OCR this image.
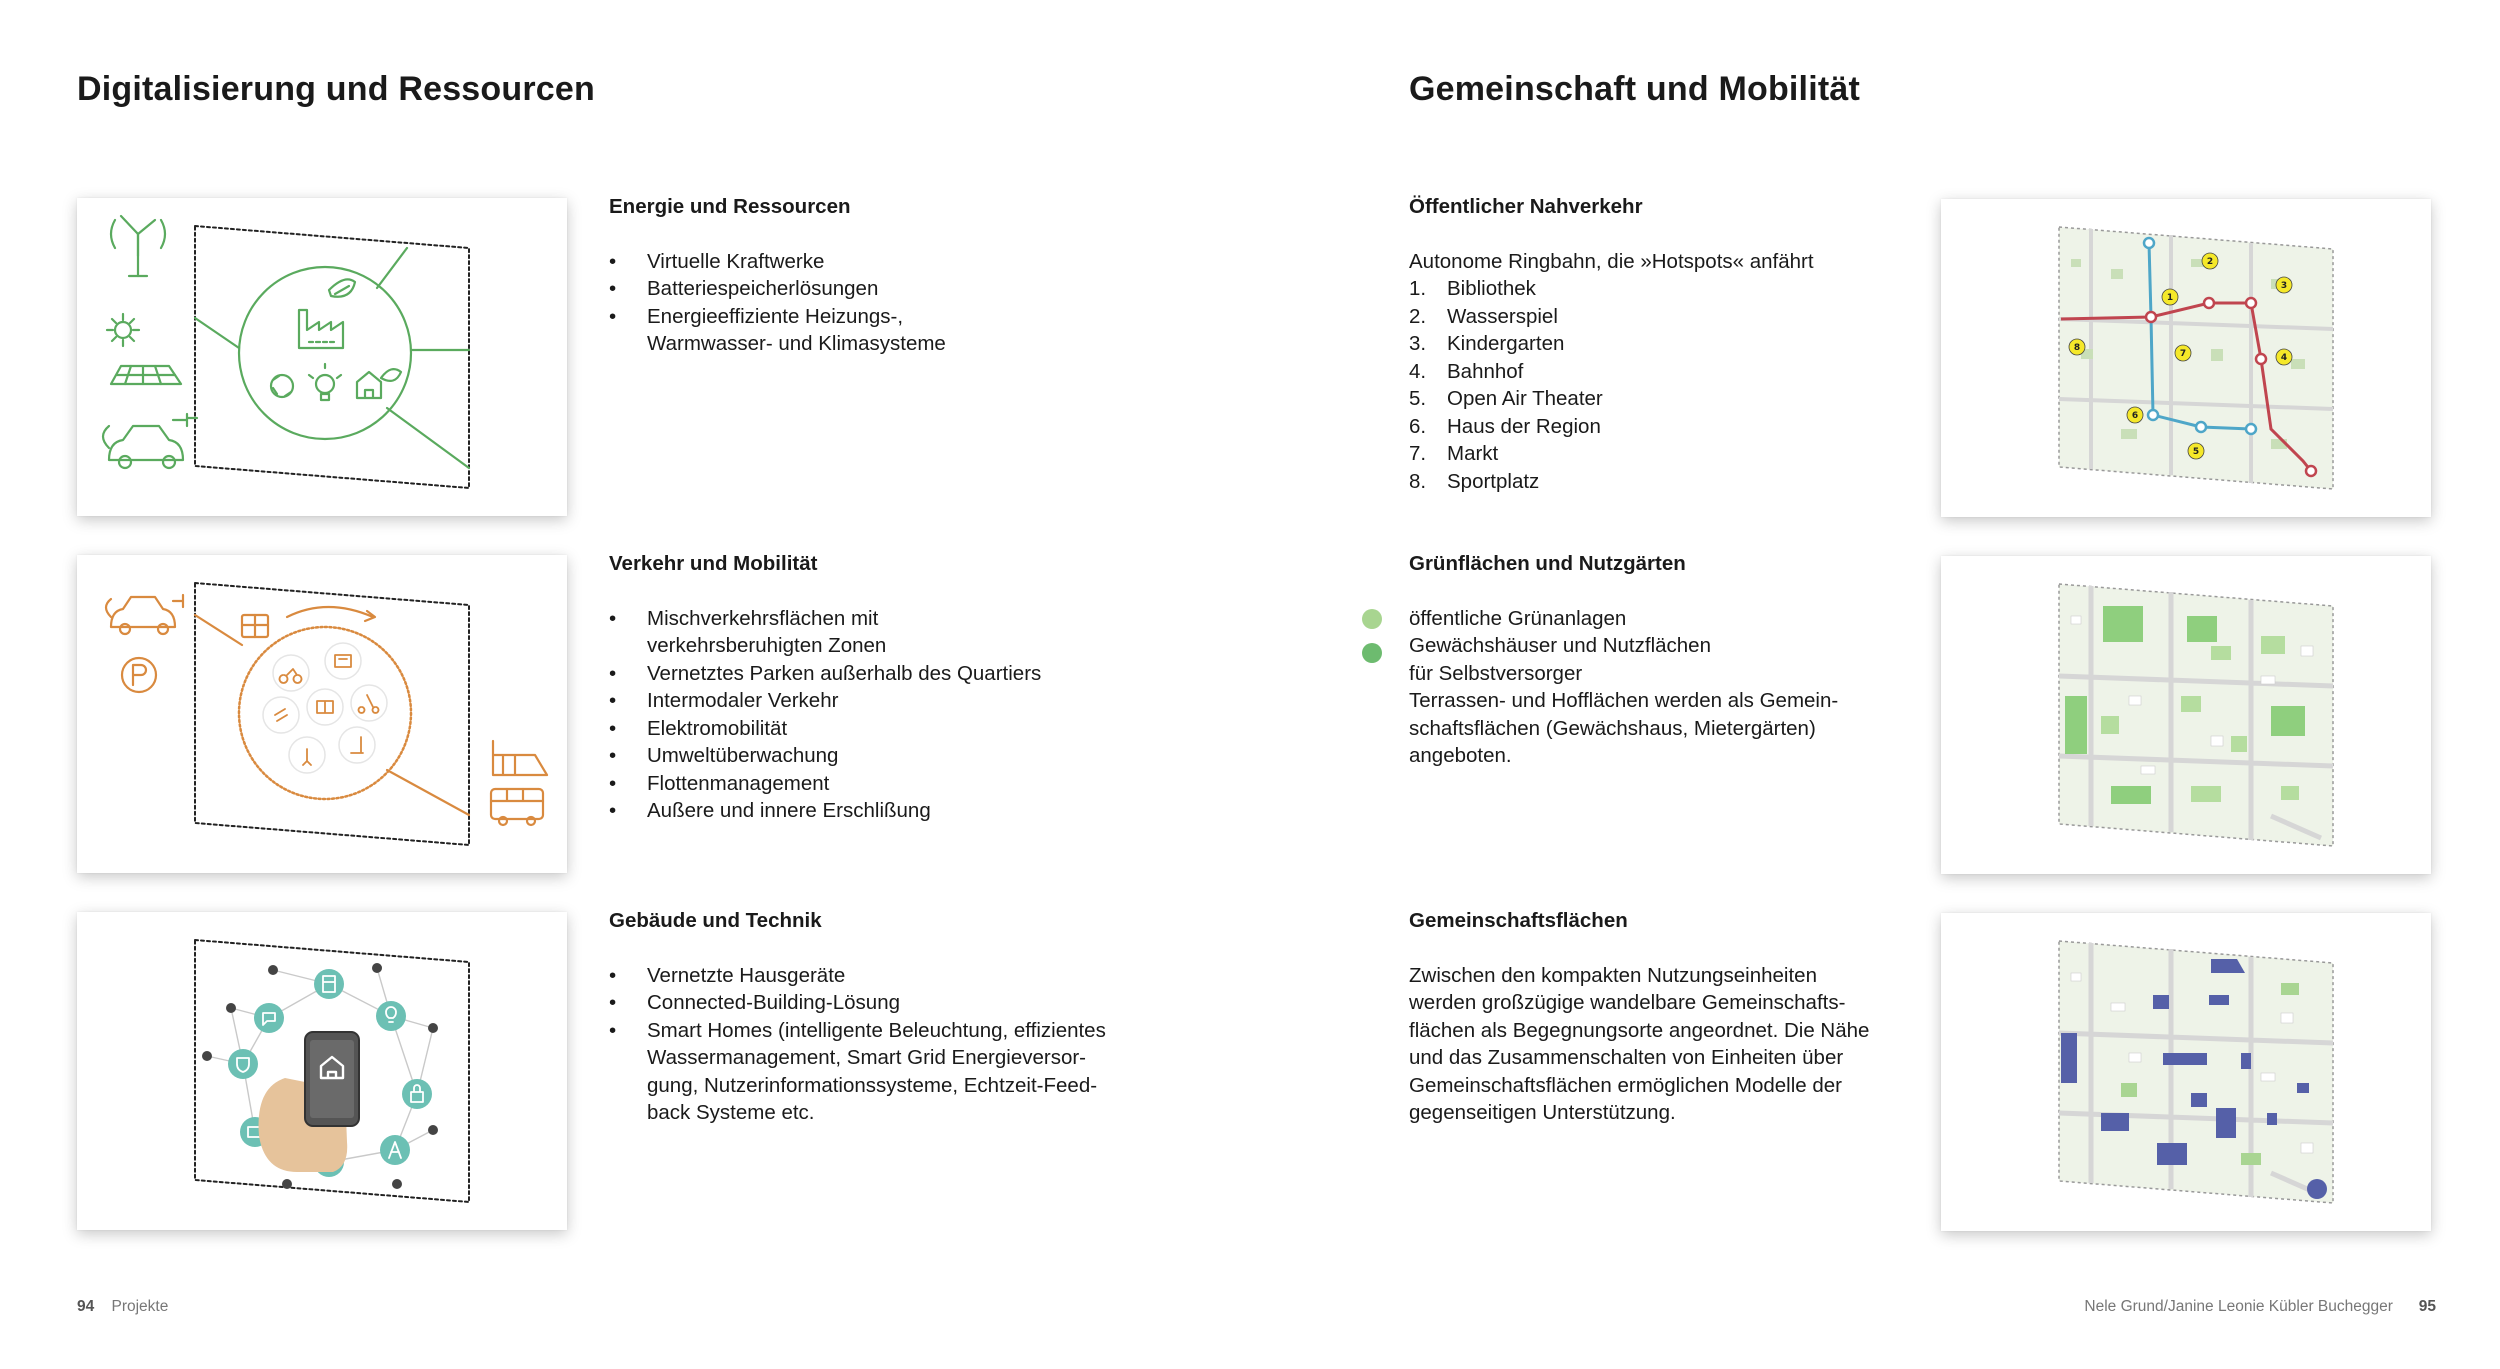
Digitalisierung und Ressourcen	Gemeinschaft und Mobilität
Energie und Ressourcen
• Virtuelle Kraftwerke
• Batteriespeicherlösungen
• Energieeffiziente Heizungs-,
Warmwasser- und Klimasysteme
Verkehr und Mobilität
• Mischverkehrsflächen mit
verkehrsberuhigten Zonen
• Vernetztes Parken außerhalb des Quartiers
• Intermodaler Verkehr
• Elektromobilität
• Umweltüberwachung
• Flottenmanagement
• Außere und innere Erschlißung
Gebäude und Technik
• Vernetzte Hausgeräte
• Connected-Building-Lösung
• Smart Homes (intelligente Beleuchtung, effizientes
Wassermanagement, Smart Grid Energieversor-
gung, Nutzerinformationssysteme, Echtzeit-Feed-
back Systeme etc.
Öffentlicher Nahverkehr

Autonome Ringbahn, die »Hotspots« anfährt

1. Bibliothek
2. Wasserspiel
3. Kindergarten
4. Bahnhof
5. Open Air Theater
6. Haus der Region
7. Markt
8. Sportplatz
Grünflächen und Nutzgärten

öffentliche Grünanlagen

Gewächshäuser und Nutzflächen

für Selbstversorger

Terrassen- und Hofflächen werden als Gemein-

schaftsflächen (Gewächshaus, Mietergärten)

angeboten.

Gemeinschaftsflächen

Zwischen den kompakten Nutzungseinheiten

werden großzügige wandelbare Gemeinschafts-

flächen als Begegnungsorte angeordnet. Die Nähe

und das Zusammenschalten von Einheiten über

Gemeinschaftsflächen ermöglichen Modelle der

gegenseitigen Unterstützung.

1
2
3
4
5
6
7
8
94 Projekte	Nele Grund/Janine Leonie Kübler Buchegger 95
